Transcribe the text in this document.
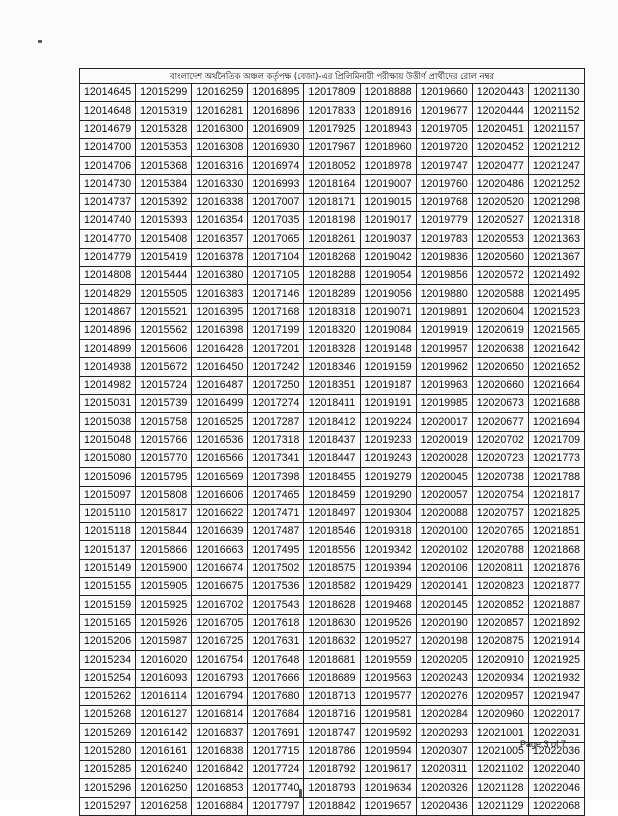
বাংলাদেশ অর্থনৈতিক অঞ্চল কর্তৃপক্ষ (বেজা)-এর প্রিলিমিনারী পরীক্ষায় উত্তীর্ণ প্রার্থীদের রোল নম্বর								
12014645	12015299	12016259	12016895	12017809	12018888	12019660	12020443	12021130
12014648	12015319	12016281	12016896	12017833	12018916	12019677	12020444	12021152
12014679	12015328	12016300	12016909	12017925	12018943	12019705	12020451	12021157
12014700	12015353	12016308	12016930	12017967	12018960	12019720	12020452	12021212
12014706	12015368	12016316	12016974	12018052	12018978	12019747	12020477	12021247
12014730	12015384	12016330	12016993	12018164	12019007	12019760	12020486	12021252
12014737	12015392	12016338	12017007	12018171	12019015	12019768	12020520	12021298
12014740	12015393	12016354	12017035	12018198	12019017	12019779	12020527	12021318
12014770	12015408	12016357	12017065	12018261	12019037	12019783	12020553	12021363
12014779	12015419	12016378	12017104	12018268	12019042	12019836	12020560	12021367
12014808	12015444	12016380	12017105	12018288	12019054	12019856	12020572	12021492
12014829	12015505	12016383	12017146	12018289	12019056	12019880	12020588	12021495
12014867	12015521	12016395	12017168	12018318	12019071	12019891	12020604	12021523
12014896	12015562	12016398	12017199	12018320	12019084	12019919	12020619	12021565
12014899	12015606	12016428	12017201	12018328	12019148	12019957	12020638	12021642
12014938	12015672	12016450	12017242	12018346	12019159	12019962	12020650	12021652
12014982	12015724	12016487	12017250	12018351	12019187	12019963	12020660	12021664
12015031	12015739	12016499	12017274	12018411	12019191	12019985	12020673	12021688
12015038	12015758	12016525	12017287	12018412	12019224	12020017	12020677	12021694
12015048	12015766	12016536	12017318	12018437	12019233	12020019	12020702	12021709
12015080	12015770	12016566	12017341	12018447	12019243	12020028	12020723	12021773
12015096	12015795	12016569	12017398	12018455	12019279	12020045	12020738	12021788
12015097	12015808	12016606	12017465	12018459	12019290	12020057	12020754	12021817
12015110	12015817	12016622	12017471	12018497	12019304	12020088	12020757	12021825
12015118	12015844	12016639	12017487	12018546	12019318	12020100	12020765	12021851
12015137	12015866	12016663	12017495	12018556	12019342	12020102	12020788	12021868
12015149	12015900	12016674	12017502	12018575	12019394	12020106	12020811	12021876
12015155	12015905	12016675	12017536	12018582	12019429	12020141	12020823	12021877
12015159	12015925	12016702	12017543	12018628	12019468	12020145	12020852	12021887
12015165	12015926	12016705	12017618	12018630	12019526	12020190	12020857	12021892
12015206	12015987	12016725	12017631	12018632	12019527	12020198	12020875	12021914
12015234	12016020	12016754	12017648	12018681	12019559	12020205	12020910	12021925
12015254	12016093	12016793	12017666	12018689	12019563	12020243	12020934	12021932
12015262	12016114	12016794	12017680	12018713	12019577	12020276	12020957	12021947
12015268	12016127	12016814	12017684	12018716	12019581	12020284	12020960	12022017
12015269	12016142	12016837	12017691	12018747	12019592	12020293	12021001	12022031
12015280	12016161	12016838	12017715	12018786	12019594	12020307	12021005	12022036
12015285	12016240	12016842	12017724	12018792	12019617	12020311	12021102	12022040
12015296	12016250	12016853	12017740	12018793	12019634	12020326	12021128	12022046
12015297	12016258	12016884	12017797	12018842	12019657	12020436	12021129	12022068
Page 3 of 7
